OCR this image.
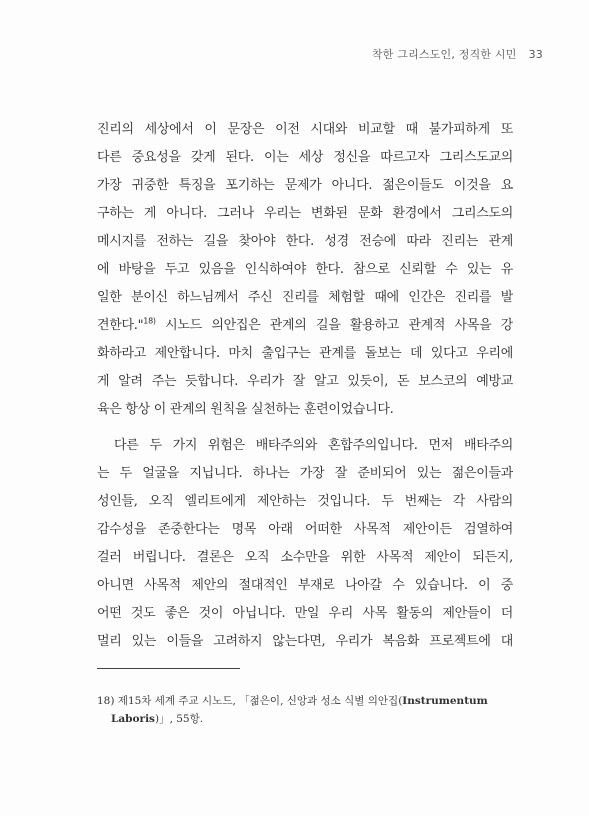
착한 그리스도인, 정직한 시민 33
진리의 세상에서 이 문장은 이전 시대와 비교할 때 불가피하게 또
다른 중요성을 갖게 된다. 이는 세상 정신을 따르고자 그리스도교의
가장 귀중한 특징을 포기하는 문제가 아니다. 젊은이들도 이것을 요
구하는 게 아니다. 그러나 우리는 변화된 문화 환경에서 그리스도의
메시지를 전하는 길을 찾아야 한다. 성경 전승에 따라 진리는 관계
에 바탕을 두고 있음을 인식하여야 한다. 참으로 신뢰할 수 있는 유
일한 분이신 하느님께서 주신 진리를 체험할 때에 인간은 진리를 발
견한다."$^{18)}$ 시노드 의안집은 관계의 길을 활용하고 관계적 사목을 강
화하라고 제안합니다. 마치 출입구는 관계를 돌보는 데 있다고 우리에
게 알려 주는 듯합니다. 우리가 잘 알고 있듯이, 돈 보스코의 예방교
육은 항상 이 관계의 원칙을 실천하는 훈련이었습니다.
다른 두 가지 위험은 배타주의와 혼합주의입니다. 먼저 배타주의
는 두 얼굴을 지닙니다. 하나는 가장 잘 준비되어 있는 젊은이들과
성인들, 오직 엘리트에게 제안하는 것입니다. 두 번째는 각 사람의
감수성을 존중한다는 명목 아래 어떠한 사목적 제안이든 검열하여
걸러 버립니다. 결론은 오직 소수만을 위한 사목적 제안이 되든지,
아니면 사목적 제안의 절대적인 부재로 나아갈 수 있습니다. 이 중
어떤 것도 좋은 것이 아닙니다. 만일 우리 사목 활동의 제안들이 더
멀리 있는 이들을 고려하지 않는다면, 우리가 복음화 프로젝트에 대
18) 제15차 세계 주교 시노드, 「젊은이, 신앙과 성소 식별 의안집(Instrumentum
Laboris)」, 55항.
